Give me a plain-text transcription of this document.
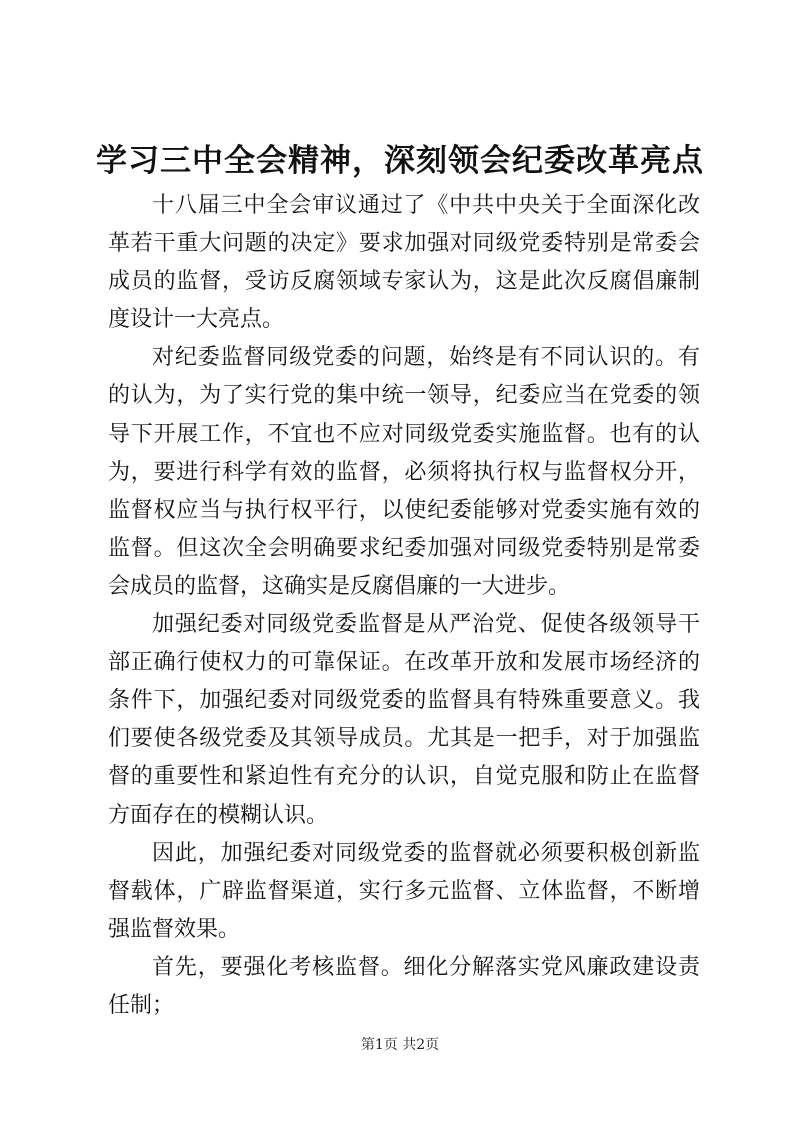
学习三中全会精神，深刻领会纪委改革亮点

十八届三中全会审议通过了《中共中央关于全面深化改革若干重大问题的决定》要求加强对同级党委特别是常委会成员的监督，受访反腐领域专家认为，这是此次反腐倡廉制度设计一大亮点。

对纪委监督同级党委的问题，始终是有不同认识的。有的认为，为了实行党的集中统一领导，纪委应当在党委的领导下开展工作，不宜也不应对同级党委实施监督。也有的认为，要进行科学有效的监督，必须将执行权与监督权分开，监督权应当与执行权平行，以使纪委能够对党委实施有效的监督。但这次全会明确要求纪委加强对同级党委特别是常委会成员的监督，这确实是反腐倡廉的一大进步。

加强纪委对同级党委监督是从严治党、促使各级领导干部正确行使权力的可靠保证。在改革开放和发展市场经济的条件下，加强纪委对同级党委的监督具有特殊重要意义。我们要使各级党委及其领导成员。尤其是一把手，对于加强监督的重要性和紧迫性有充分的认识，自觉克服和防止在监督方面存在的模糊认识。

因此，加强纪委对同级党委的监督就必须要积极创新监督载体，广辟监督渠道，实行多元监督、立体监督，不断增强监督效果。

首先，要强化考核监督。细化分解落实党风廉政建设责任制；

第1页 共2页
